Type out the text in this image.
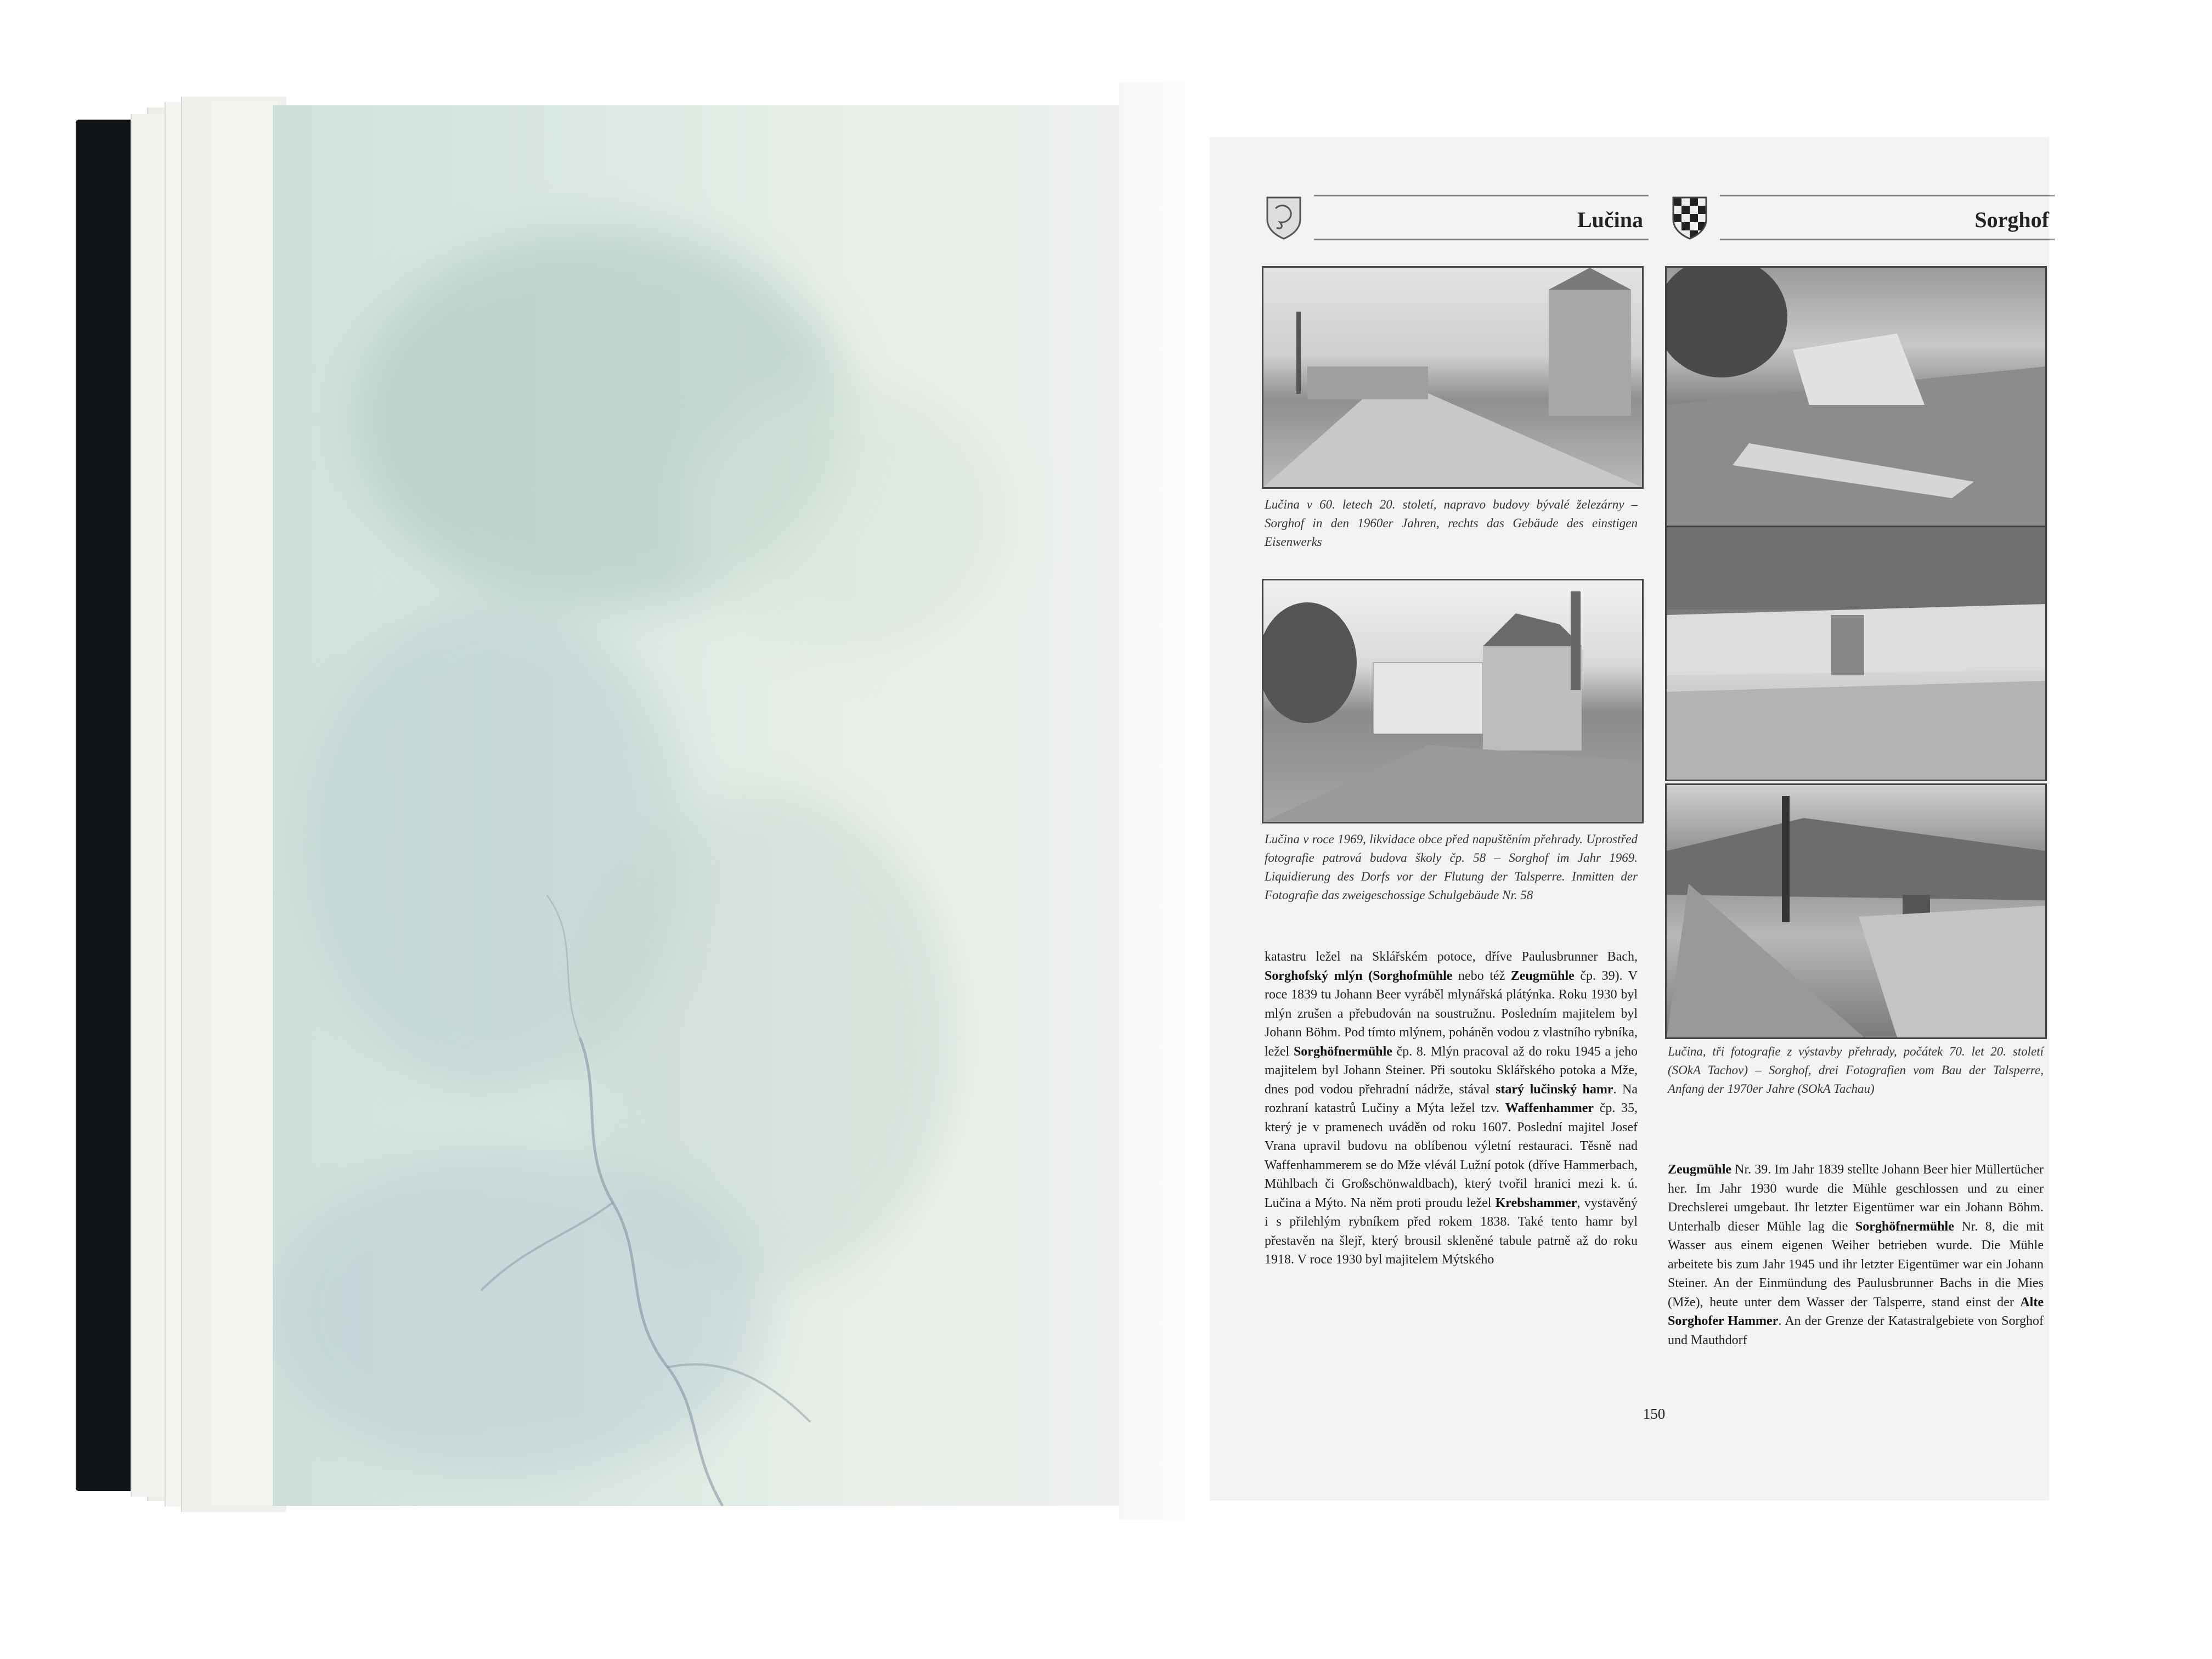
Lučina	Sorghof
Lučina v 60. letech 20. století, napravo budovy bývalé železárny – Sorghof in den 1960er Jahren, rechts das Gebäude des einstigen Eisenwerks
Lučina v roce 1969, likvidace obce před napuštěním přehrady. Uprostřed fotografie patrová budova školy čp. 58 – Sorghof im Jahr 1969. Liquidierung des Dorfs vor der Flutung der Talsperre. Inmitten der Fotografie das zweigeschossige Schulgebäude Nr. 58
Lučina, tři fotografie z výstavby přehrady, počátek 70. let 20. století (SOkA Tachov) – Sorghof, drei Fotografien vom Bau der Talsperre, Anfang der 1970er Jahre (SOkA Tachau)
katastru ležel na Sklářském potoce, dříve Paulusbrunner Bach, Sorghofský mlýn (Sorghofmühle nebo též Zeugmühle čp. 39). V roce 1839 tu Johann Beer vyráběl mlynářská plátýnka. Roku 1930 byl mlýn zrušen a přebudován na soustružnu. Posledním majitelem byl Johann Böhm. Pod tímto mlýnem, poháněn vodou z vlastního rybníka, ležel Sorghöfnermühle čp. 8. Mlýn pracoval až do roku 1945 a jeho majitelem byl Johann Steiner. Při soutoku Sklářského potoka a Mže, dnes pod vodou přehradní nádrže, stával starý lučinský hamr. Na rozhraní katastrů Lučiny a Mýta ležel tzv. Waffenhammer čp. 35, který je v pramenech uváděn od roku 1607. Poslední majitel Josef Vrana upravil budovu na oblíbenou výletní restauraci. Těsně nad Waffenhammerem se do Mže vlévál Lužní potok (dříve Hammerbach, Mühlbach či Großschönwaldbach), který tvořil hranici mezi k. ú. Lučina a Mýto. Na něm proti proudu ležel Krebshammer, vystavěný i s přilehlým rybníkem před rokem 1838. Také tento hamr byl přestavěn na šlejř, který brousil skleněné tabule patrně až do roku 1918. V roce 1930 byl majitelem Mýtského
Zeugmühle Nr. 39. Im Jahr 1839 stellte Johann Beer hier Müllertücher her. Im Jahr 1930 wurde die Mühle geschlossen und zu einer Drechslerei umgebaut. Ihr letzter Eigentümer war ein Johann Böhm. Unterhalb dieser Mühle lag die Sorghöfnermühle Nr. 8, die mit Wasser aus einem eigenen Weiher betrieben wurde. Die Mühle arbeitete bis zum Jahr 1945 und ihr letzter Eigentümer war ein Johann Steiner. An der Einmündung des Paulusbrunner Bachs in die Mies (Mže), heute unter dem Wasser der Talsperre, stand einst der Alte Sorghofer Hammer. An der Grenze der Katastralgebiete von Sorghof und Mauthdorf
150
